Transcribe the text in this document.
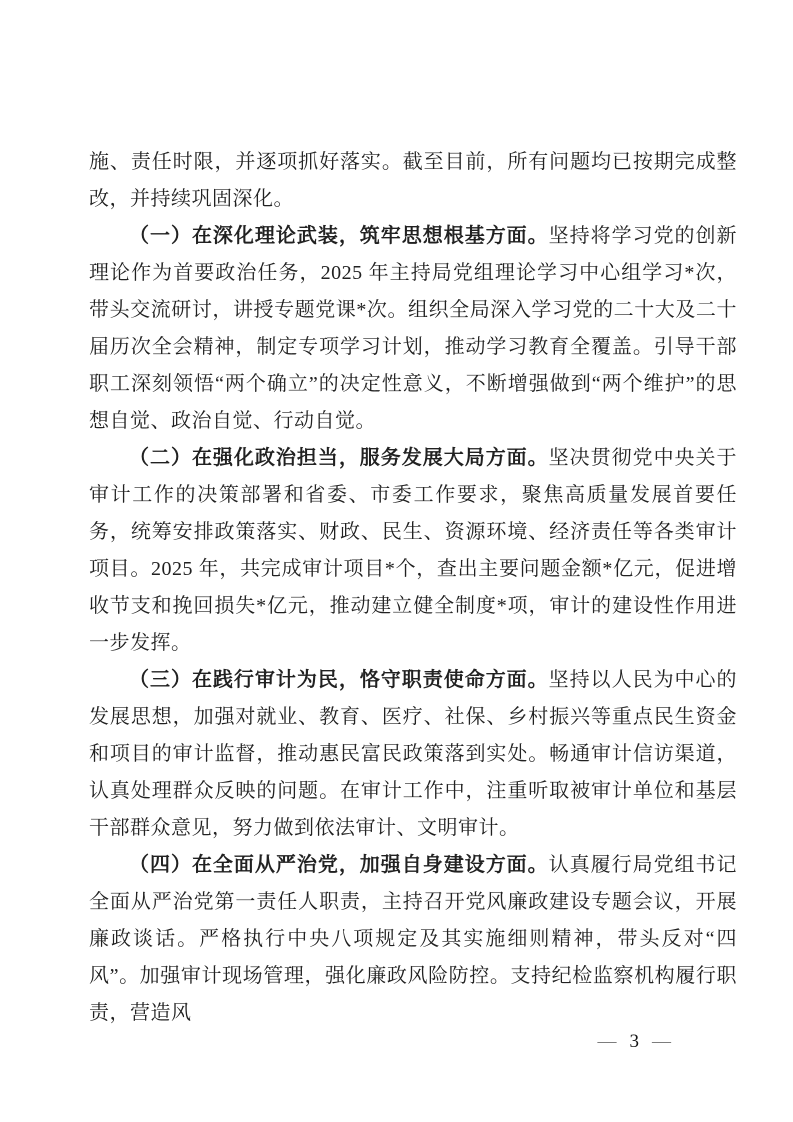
施、责任时限，并逐项抓好落实。截至目前，所有问题均已按期完成整改，并持续巩固深化。

（一）在深化理论武装，筑牢思想根基方面。坚持将学习党的创新理论作为首要政治任务，2025 年主持局党组理论学习中心组学习*次，带头交流研讨，讲授专题党课*次。组织全局深入学习党的二十大及二十届历次全会精神，制定专项学习计划，推动学习教育全覆盖。引导干部职工深刻领悟“两个确立”的决定性意义，不断增强做到“两个维护”的思想自觉、政治自觉、行动自觉。

（二）在强化政治担当，服务发展大局方面。坚决贯彻党中央关于审计工作的决策部署和省委、市委工作要求，聚焦高质量发展首要任务，统筹安排政策落实、财政、民生、资源环境、经济责任等各类审计项目。2025 年，共完成审计项目*个，查出主要问题金额*亿元，促进增收节支和挽回损失*亿元，推动建立健全制度*项，审计的建设性作用进一步发挥。

（三）在践行审计为民，恪守职责使命方面。坚持以人民为中心的发展思想，加强对就业、教育、医疗、社保、乡村振兴等重点民生资金和项目的审计监督，推动惠民富民政策落到实处。畅通审计信访渠道，认真处理群众反映的问题。在审计工作中，注重听取被审计单位和基层干部群众意见，努力做到依法审计、文明审计。

（四）在全面从严治党，加强自身建设方面。认真履行局党组书记全面从严治党第一责任人职责，主持召开党风廉政建设专题会议，开展廉政谈话。严格执行中央八项规定及其实施细则精神，带头反对“四风”。加强审计现场管理，强化廉政风险防控。支持纪检监察机构履行职责，营造风

— 3 —
